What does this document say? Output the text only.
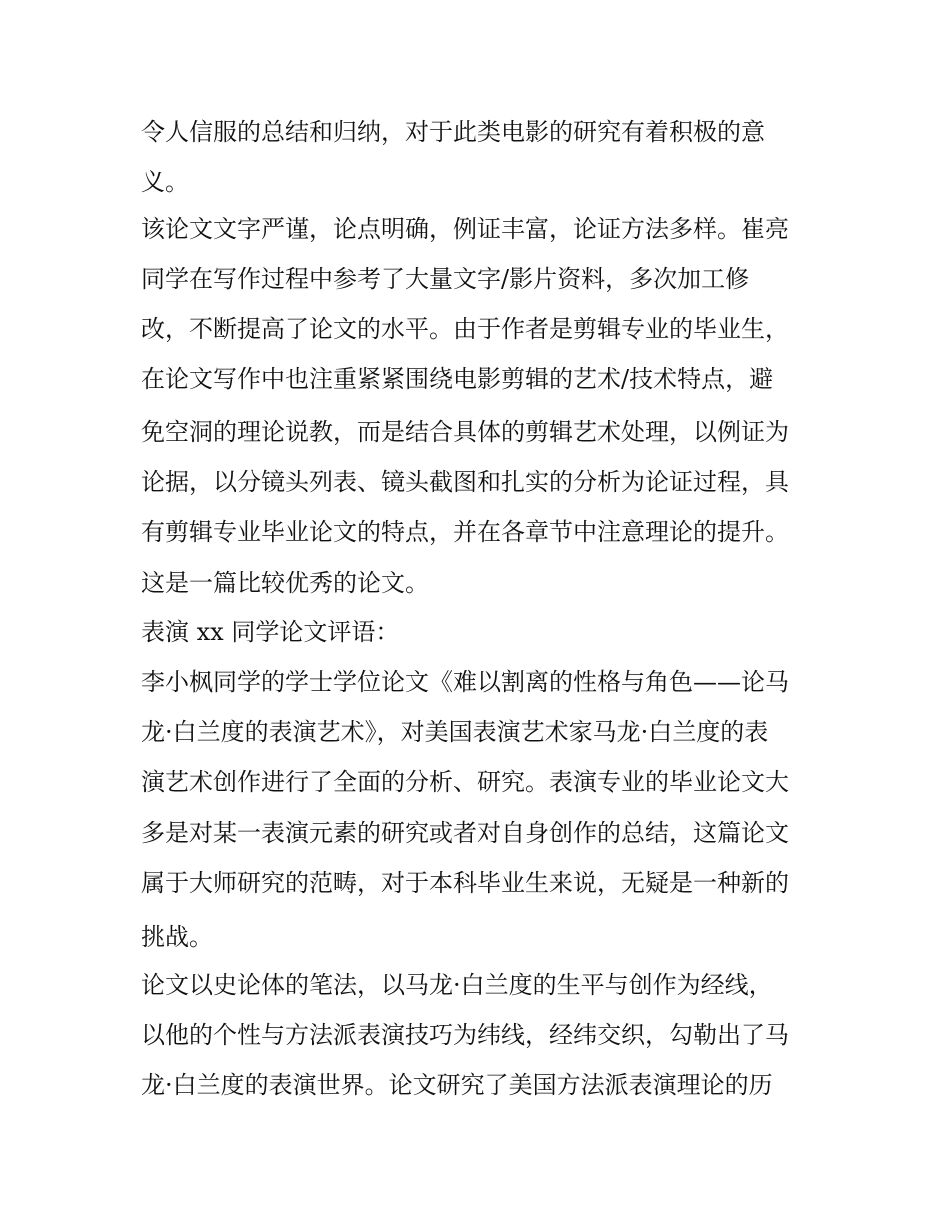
令人信服的总结和归纳，对于此类电影的研究有着积极的意
义。
该论文文字严谨，论点明确，例证丰富，论证方法多样。崔亮
同学在写作过程中参考了大量文字/影片资料，多次加工修
改，不断提高了论文的水平。由于作者是剪辑专业的毕业生，
在论文写作中也注重紧紧围绕电影剪辑的艺术/技术特点，避
免空洞的理论说教，而是结合具体的剪辑艺术处理，以例证为
论据，以分镜头列表、镜头截图和扎实的分析为论证过程，具
有剪辑专业毕业论文的特点，并在各章节中注意理论的提升。
这是一篇比较优秀的论文。
表演 xx 同学论文评语：
李小枫同学的学士学位论文《难以割离的性格与角色——论马
龙·白兰度的表演艺术》，对美国表演艺术家马龙·白兰度的表
演艺术创作进行了全面的分析、研究。表演专业的毕业论文大
多是对某一表演元素的研究或者对自身创作的总结，这篇论文
属于大师研究的范畴，对于本科毕业生来说，无疑是一种新的
挑战。
论文以史论体的笔法，以马龙·白兰度的生平与创作为经线，
以他的个性与方法派表演技巧为纬线，经纬交织，勾勒出了马
龙·白兰度的表演世界。论文研究了美国方法派表演理论的历
